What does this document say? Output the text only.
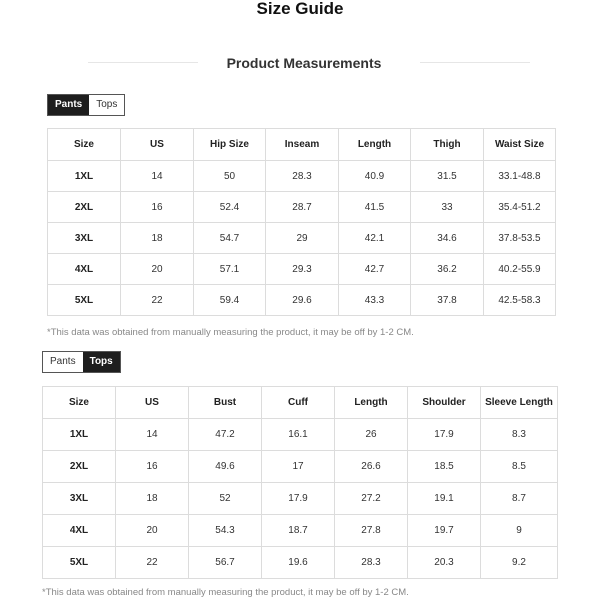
Size Guide
Product Measurements
Pants	Tops
Size	US	Hip Size	Inseam	Length	Thigh	Waist Size
1XL	14	50	28.3	40.9	31.5	33.1-48.8
2XL	16	52.4	28.7	41.5	33	35.4-51.2
3XL	18	54.7	29	42.1	34.6	37.8-53.5
4XL	20	57.1	29.3	42.7	36.2	40.2-55.9
5XL	22	59.4	29.6	43.3	37.8	42.5-58.3
*This data was obtained from manually measuring the product, it may be off by 1-2 CM.
Pants	Tops
Size	US	Bust	Cuff	Length	Shoulder	Sleeve Length
1XL	14	47.2	16.1	26	17.9	8.3
2XL	16	49.6	17	26.6	18.5	8.5
3XL	18	52	17.9	27.2	19.1	8.7
4XL	20	54.3	18.7	27.8	19.7	9
5XL	22	56.7	19.6	28.3	20.3	9.2
*This data was obtained from manually measuring the product, it may be off by 1-2 CM.
